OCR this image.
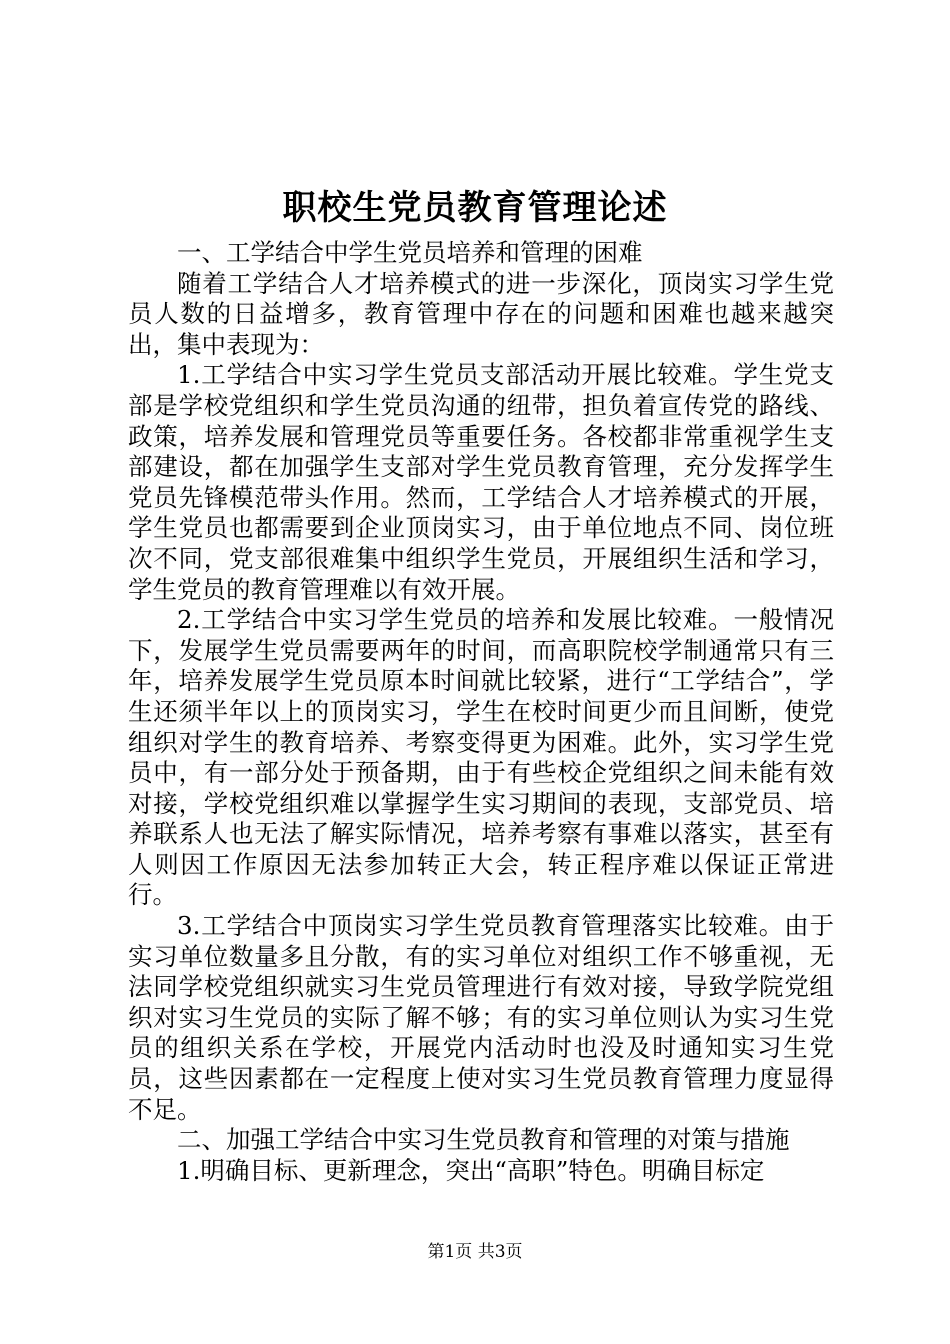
职校生党员教育管理论述

一、工学结合中学生党员培养和管理的困难

随着工学结合人才培养模式的进一步深化，顶岗实习学生党员人数的日益增多，教育管理中存在的问题和困难也越来越突出，集中表现为：

1.工学结合中实习学生党员支部活动开展比较难。学生党支部是学校党组织和学生党员沟通的纽带，担负着宣传党的路线、政策，培养发展和管理党员等重要任务。各校都非常重视学生支部建设，都在加强学生支部对学生党员教育管理，充分发挥学生党员先锋模范带头作用。然而，工学结合人才培养模式的开展，学生党员也都需要到企业顶岗实习，由于单位地点不同、岗位班次不同，党支部很难集中组织学生党员，开展组织生活和学习，学生党员的教育管理难以有效开展。

2.工学结合中实习学生党员的培养和发展比较难。一般情况下，发展学生党员需要两年的时间，而高职院校学制通常只有三年，培养发展学生党员原本时间就比较紧，进行“工学结合”，学生还须半年以上的顶岗实习，学生在校时间更少而且间断，使党组织对学生的教育培养、考察变得更为困难。此外，实习学生党员中，有一部分处于预备期，由于有些校企党组织之间未能有效对接，学校党组织难以掌握学生实习期间的表现，支部党员、培养联系人也无法了解实际情况，培养考察有事难以落实，甚至有人则因工作原因无法参加转正大会，转正程序难以保证正常进行。

3.工学结合中顶岗实习学生党员教育管理落实比较难。由于实习单位数量多且分散，有的实习单位对组织工作不够重视，无法同学校党组织就实习生党员管理进行有效对接，导致学院党组织对实习生党员的实际了解不够；有的实习单位则认为实习生党员的组织关系在学校，开展党内活动时也没及时通知实习生党员，这些因素都在一定程度上使对实习生党员教育管理力度显得不足。

二、加强工学结合中实习生党员教育和管理的对策与措施

1.明确目标、更新理念，突出“高职”特色。明确目标定

第1页 共3页
